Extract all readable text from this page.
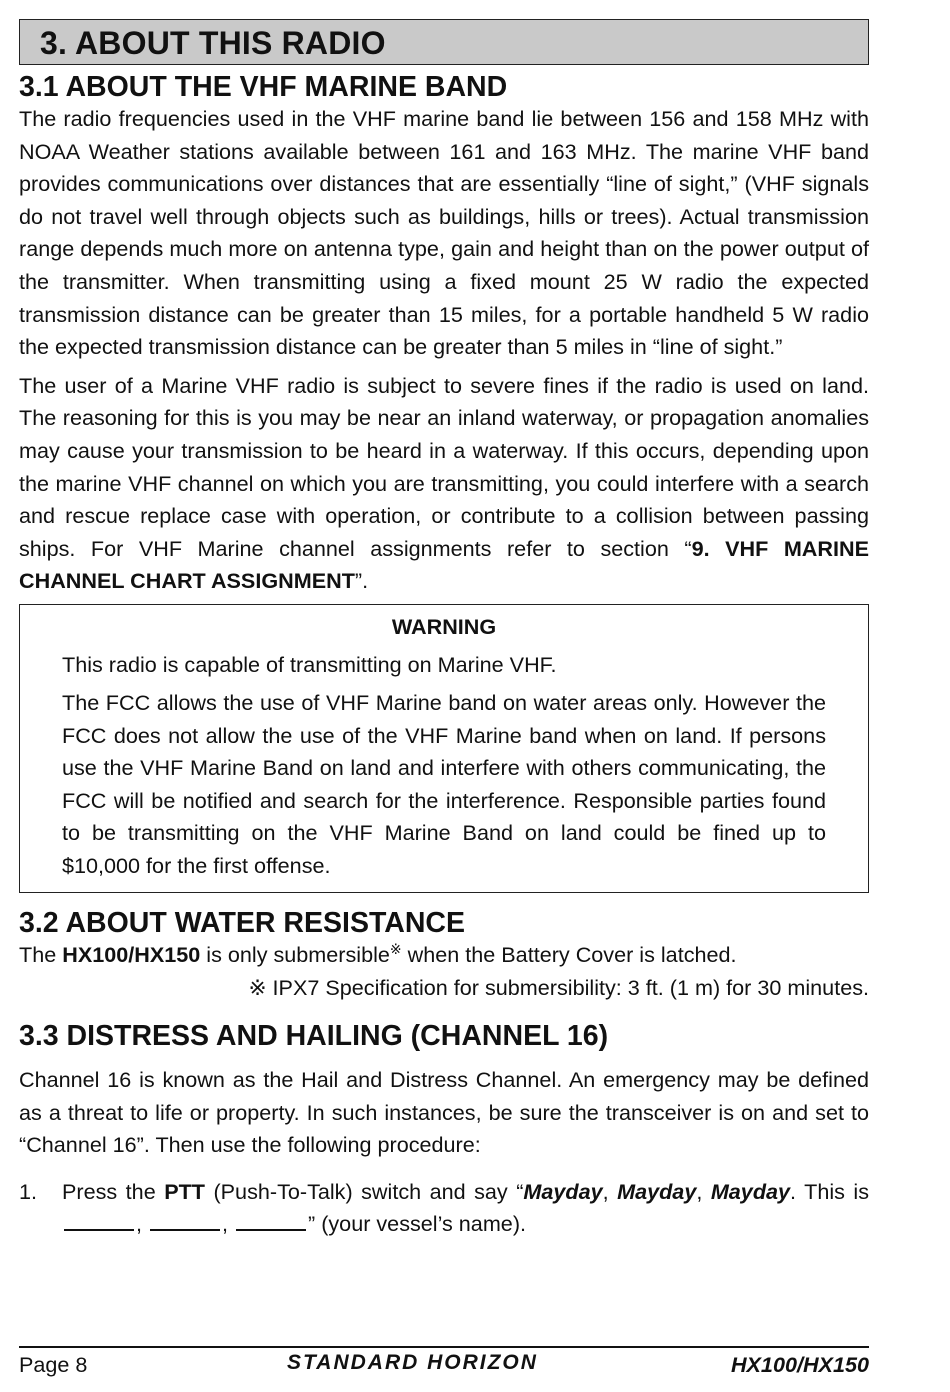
3. ABOUT THIS RADIO
3.1 ABOUT THE VHF MARINE BAND

The radio frequencies used in the VHF marine band lie between 156 and 158 MHz with NOAA Weather stations available between 161 and 163 MHz. The marine VHF band provides communications over distances that are essentially “line of sight,” (VHF signals do not travel well through objects such as buildings, hills or trees). Actual transmission range depends much more on antenna type, gain and height than on the power output of the transmitter. When transmitting using a fixed mount 25 W radio the expected transmission distance can be greater than 15 miles, for a portable handheld 5 W radio the expected transmission distance can be greater than 5 miles in “line of sight.”

The user of a Marine VHF radio is subject to severe fines if the radio is used on land. The reasoning for this is you may be near an inland waterway, or propagation anomalies may cause your transmission to be heard in a waterway. If this occurs, depending upon the marine VHF channel on which you are transmitting, you could interfere with a search and rescue replace case with operation, or contribute to a collision between passing ships. For VHF Marine channel assignments refer to section “9. VHF MARINE CHANNEL CHART ASSIGNMENT”.

WARNING

This radio is capable of transmitting on Marine VHF.

The FCC allows the use of VHF Marine band on water areas only. However the FCC does not allow the use of the VHF Marine band when on land. If persons use the VHF Marine Band on land and interfere with others communicating, the FCC will be notified and search for the interference. Responsible parties found to be transmitting on the VHF Marine Band on land could be fined up to $10,000 for the first offense.

3.2 ABOUT WATER RESISTANCE

The HX100/HX150 is only submersible※ when the Battery Cover is latched.

※ IPX7 Specification for submersibility: 3 ft. (1 m) for 30 minutes.
3.3 DISTRESS AND HAILING (CHANNEL 16)

Channel 16 is known as the Hail and Distress Channel. An emergency may be defined as a threat to life or property. In such instances, be sure the transceiver is on and set to “Channel 16”. Then use the following procedure:

1.	Press the PTT (Push-To-Talk) switch and say “Mayday, Mayday, Mayday. This is ,	,	” (your vessel’s name).
Page 8	STANDARD HORIZON	HX100/HX150
